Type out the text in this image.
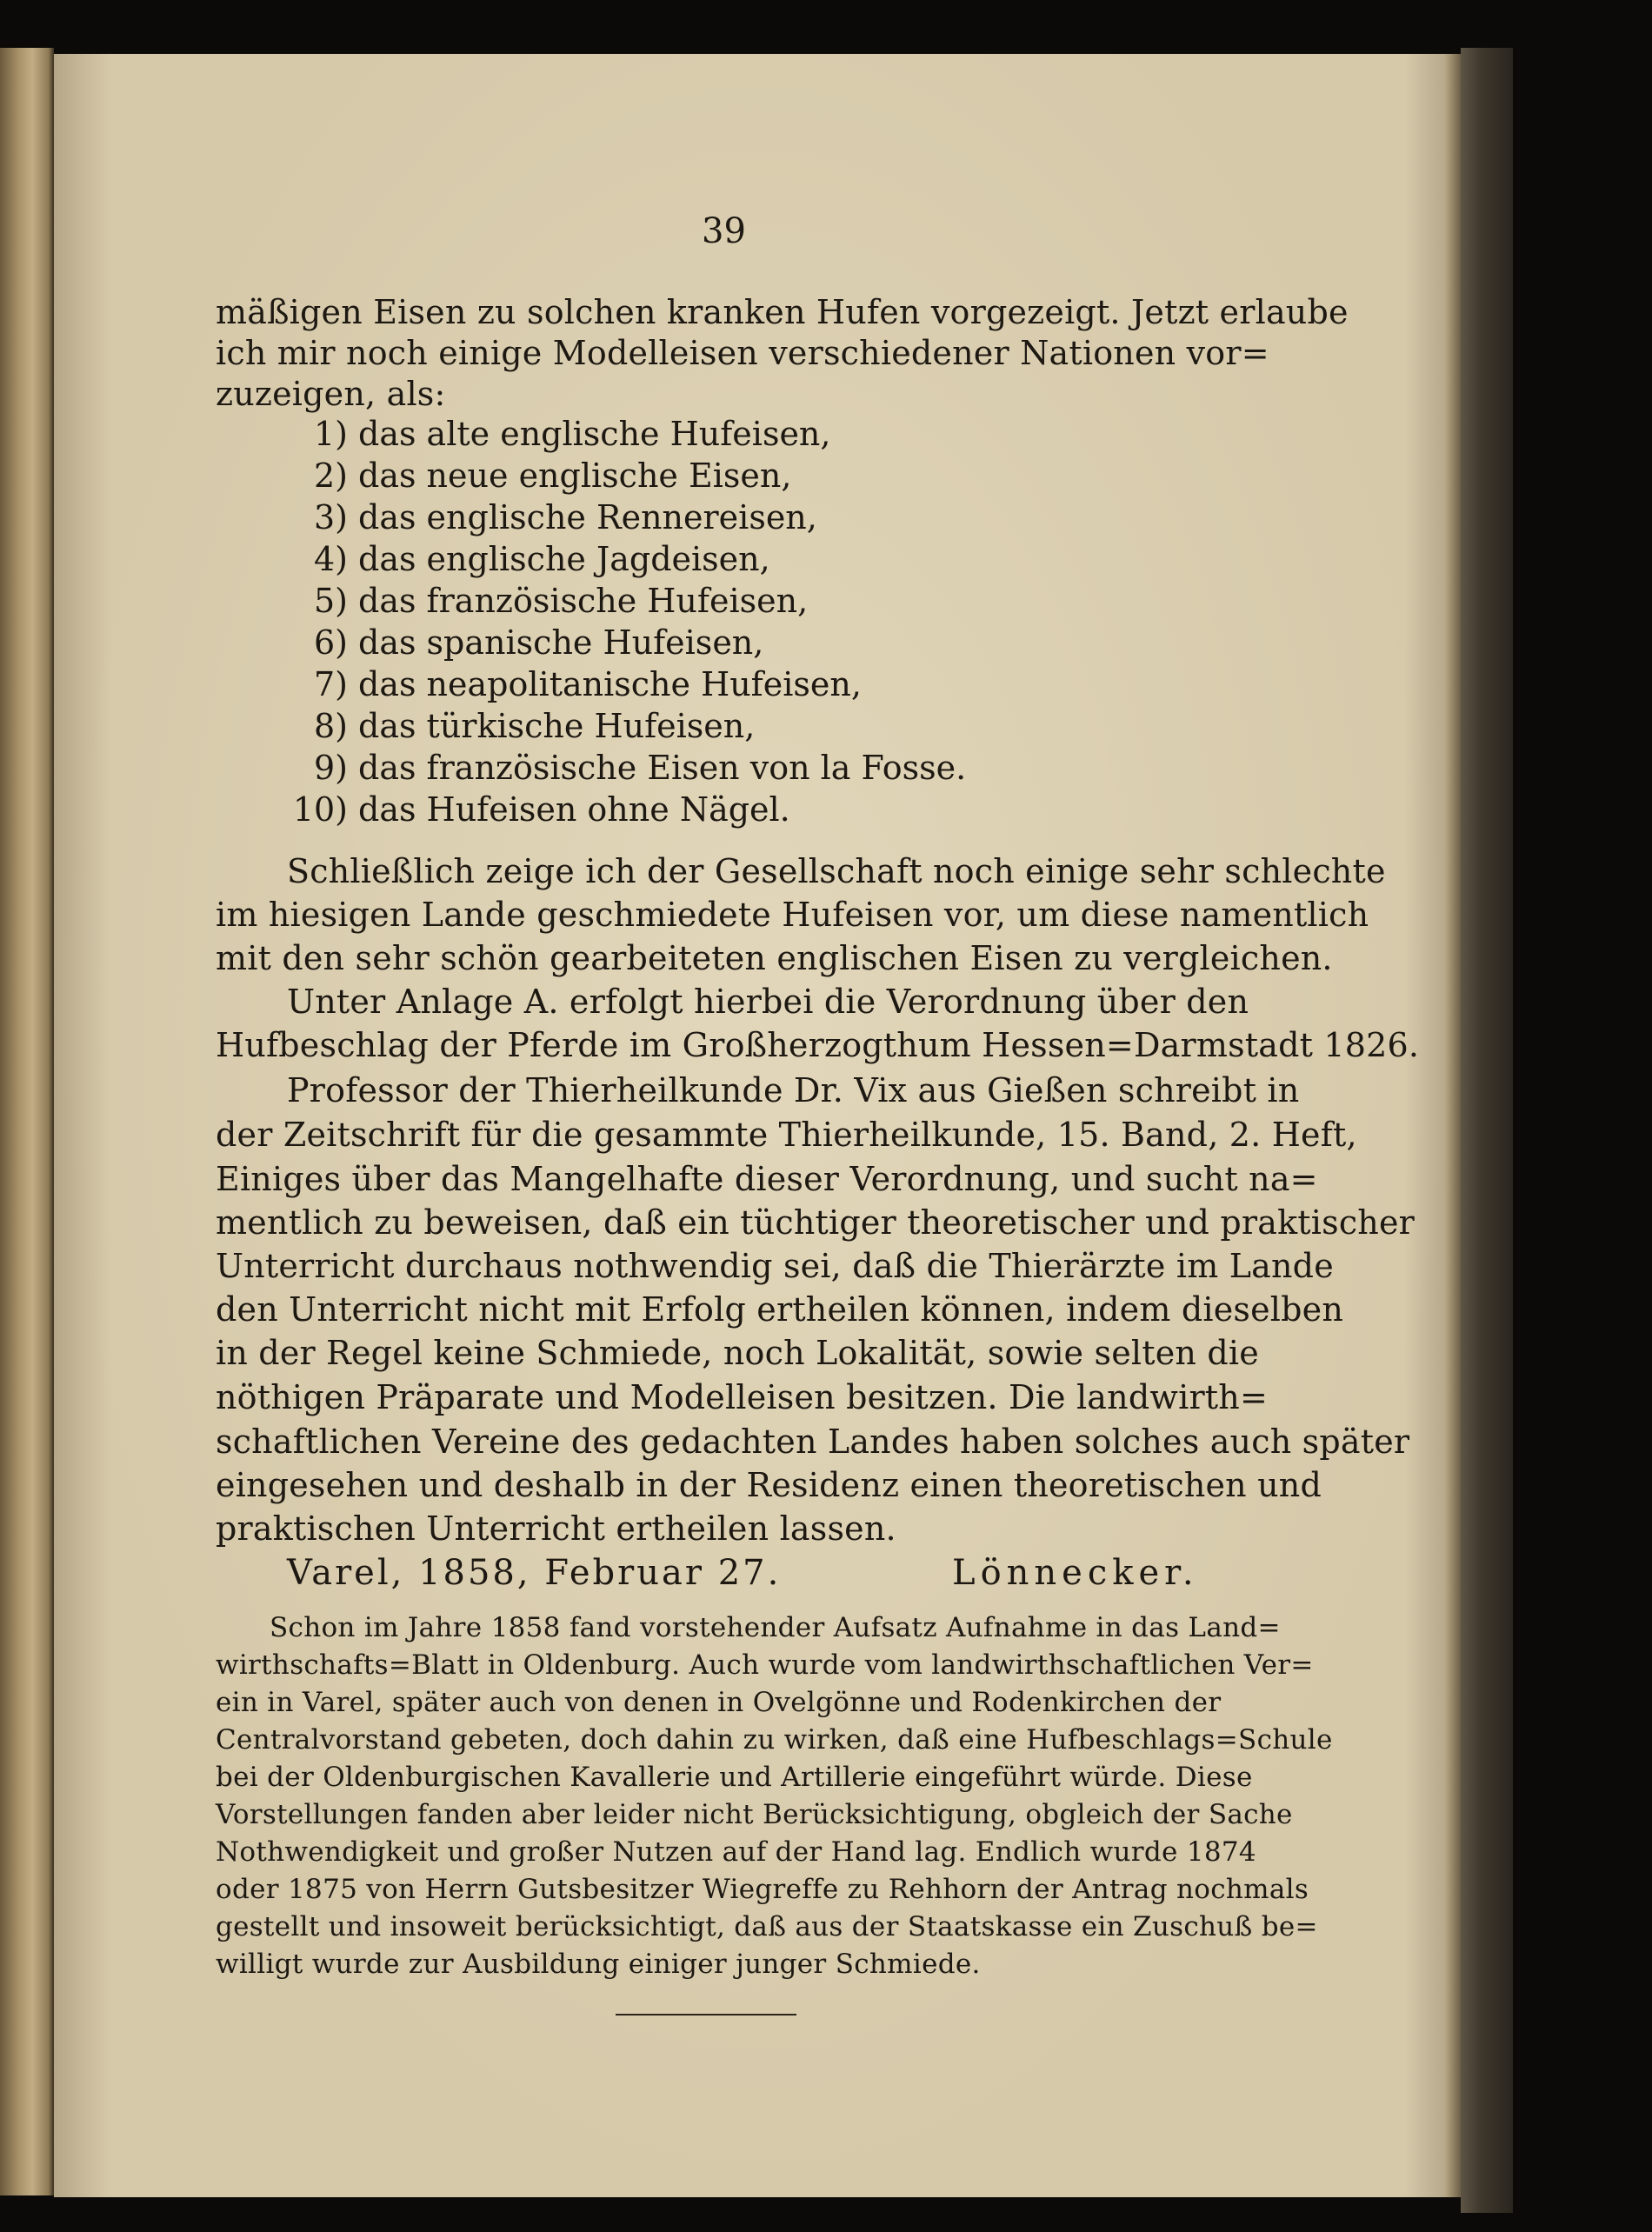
39
mäßigen Eisen zu solchen kranken Hufen vorgezeigt. Jetzt erlaube
ich mir noch einige Modelleisen verschiedener Nationen vor=
zuzeigen, als:
1) das alte englische Hufeisen,
2) das neue englische Eisen,
3) das englische Rennereisen,
4) das englische Jagdeisen,
5) das französische Hufeisen,
6) das spanische Hufeisen,
7) das neapolitanische Hufeisen,
8) das türkische Hufeisen,
9) das französische Eisen von la Fosse.
10) das Hufeisen ohne Nägel.
Schließlich zeige ich der Gesellschaft noch einige sehr schlechte
im hiesigen Lande geschmiedete Hufeisen vor, um diese namentlich
mit den sehr schön gearbeiteten englischen Eisen zu vergleichen.
Unter Anlage A. erfolgt hierbei die Verordnung über den
Hufbeschlag der Pferde im Großherzogthum Hessen=Darmstadt 1826.
Professor der Thierheilkunde Dr. Vix aus Gießen schreibt in
der Zeitschrift für die gesammte Thierheilkunde, 15. Band, 2. Heft,
Einiges über das Mangelhafte dieser Verordnung, und sucht na=
mentlich zu beweisen, daß ein tüchtiger theoretischer und praktischer
Unterricht durchaus nothwendig sei, daß die Thierärzte im Lande
den Unterricht nicht mit Erfolg ertheilen können, indem dieselben
in der Regel keine Schmiede, noch Lokalität, sowie selten die
nöthigen Präparate und Modelleisen besitzen. Die landwirth=
schaftlichen Vereine des gedachten Landes haben solches auch später
eingesehen und deshalb in der Residenz einen theoretischen und
praktischen Unterricht ertheilen lassen.
Varel, 1858, Februar 27.	Lönnecker.
Schon im Jahre 1858 fand vorstehender Aufsatz Aufnahme in das Land=
wirthschafts=Blatt in Oldenburg. Auch wurde vom landwirthschaftlichen Ver=
ein in Varel, später auch von denen in Ovelgönne und Rodenkirchen der
Centralvorstand gebeten, doch dahin zu wirken, daß eine Hufbeschlags=Schule
bei der Oldenburgischen Kavallerie und Artillerie eingeführt würde. Diese
Vorstellungen fanden aber leider nicht Berücksichtigung, obgleich der Sache
Nothwendigkeit und großer Nutzen auf der Hand lag. Endlich wurde 1874
oder 1875 von Herrn Gutsbesitzer Wiegreffe zu Rehhorn der Antrag nochmals
gestellt und insoweit berücksichtigt, daß aus der Staatskasse ein Zuschuß be=
willigt wurde zur Ausbildung einiger junger Schmiede.
